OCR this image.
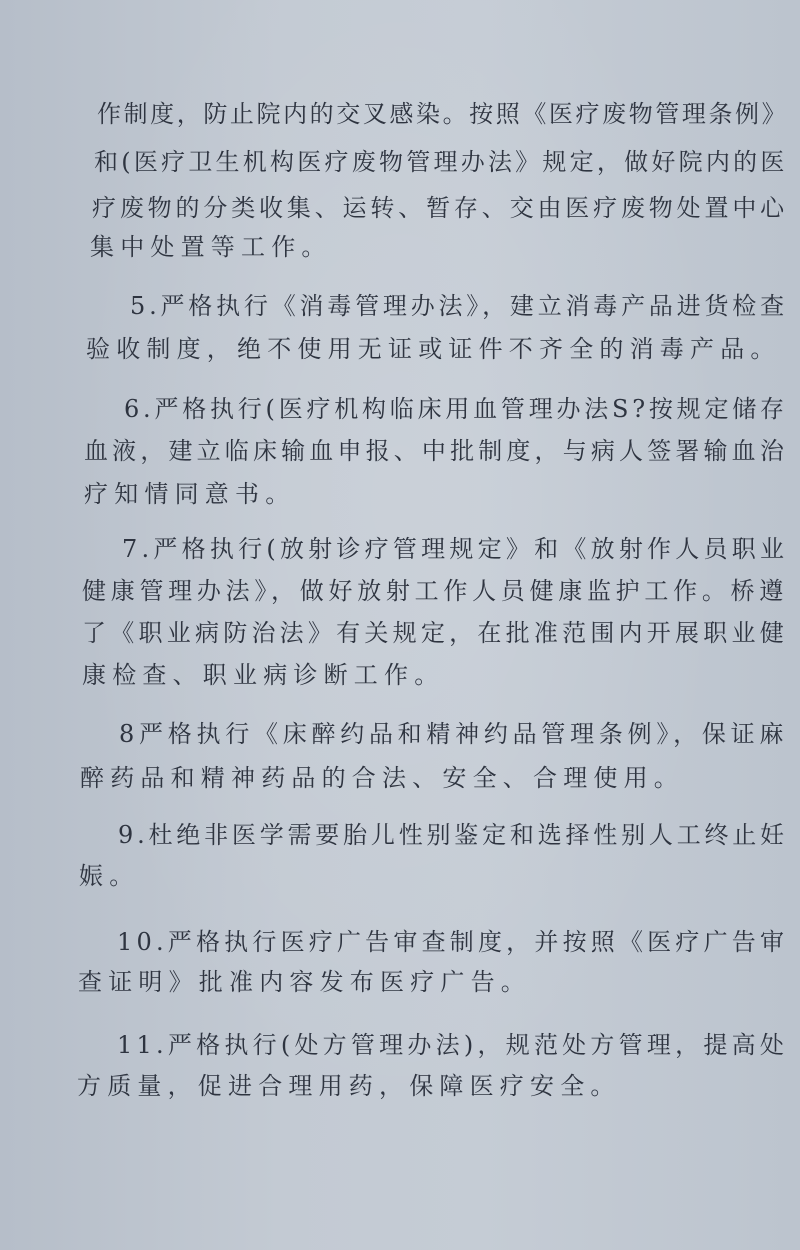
作制度，防止院内的交叉感染。按照《医疗废物管理条例》
和(医疗卫生机构医疗废物管理办法》规定，做好院内的医
疗废物的分类收集、运转、暂存、交由医疗废物处置中心
集中处置等工作。
5.严格执行《消毒管理办法》，建立消毒产品进货检查
验收制度，绝不使用无证或证件不齐全的消毒产品。
6.严格执行(医疗机构临床用血管理办法S?按规定储存
血液，建立临床输血申报、中批制度，与病人签署输血治
疗知情同意书。
7.严格执行(放射诊疗管理规定》和《放射作人员职业
健康管理办法》，做好放射工作人员健康监护工作。桥遵
了《职业病防治法》有关规定，在批准范围内开展职业健
康检查、职业病诊断工作。
8严格执行《床醉约品和精神约品管理条例》，保证麻
醉药品和精神药品的合法、安全、合理使用。
9.杜绝非医学需要胎儿性别鉴定和选择性别人工终止妊
娠。
10.严格执行医疗广告审查制度，并按照《医疗广告审
查证明》批准内容发布医疗广告。
11.严格执行(处方管理办法)，规范处方管理，提高处
方质量，促进合理用药，保障医疗安全。
